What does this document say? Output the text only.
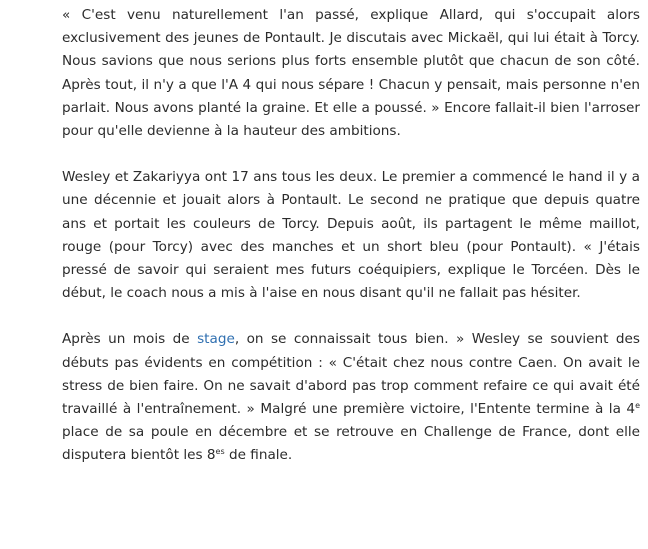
« C'est venu naturellement l'an passé, explique Allard, qui s'occupait alors exclusivement des jeunes de Pontault. Je discutais avec Mickaël, qui lui était à Torcy. Nous savions que nous serions plus forts ensemble plutôt que chacun de son côté. Après tout, il n'y a que l'A 4 qui nous sépare ! Chacun y pensait, mais personne n'en parlait. Nous avons planté la graine. Et elle a poussé. » Encore fallait-il bien l'arroser pour qu'elle devienne à la hauteur des ambitions.

Wesley et Zakariyya ont 17 ans tous les deux. Le premier a commencé le hand il y a une décennie et jouait alors à Pontault. Le second ne pratique que depuis quatre ans et portait les couleurs de Torcy. Depuis août, ils partagent le même maillot, rouge (pour Torcy) avec des manches et un short bleu (pour Pontault). « J'étais pressé de savoir qui seraient mes futurs coéquipiers, explique le Torcéen. Dès le début, le coach nous a mis à l'aise en nous disant qu'il ne fallait pas hésiter.

Après un mois de stage, on se connaissait tous bien. » Wesley se souvient des débuts pas évidents en compétition : « C'était chez nous contre Caen. On avait le stress de bien faire. On ne savait d'abord pas trop comment refaire ce qui avait été travaillé à l'entraînement. » Malgré une première victoire, l'Entente termine à la 4e place de sa poule en décembre et se retrouve en Challenge de France, dont elle disputera bientôt les $8^{es}$ de finale.
